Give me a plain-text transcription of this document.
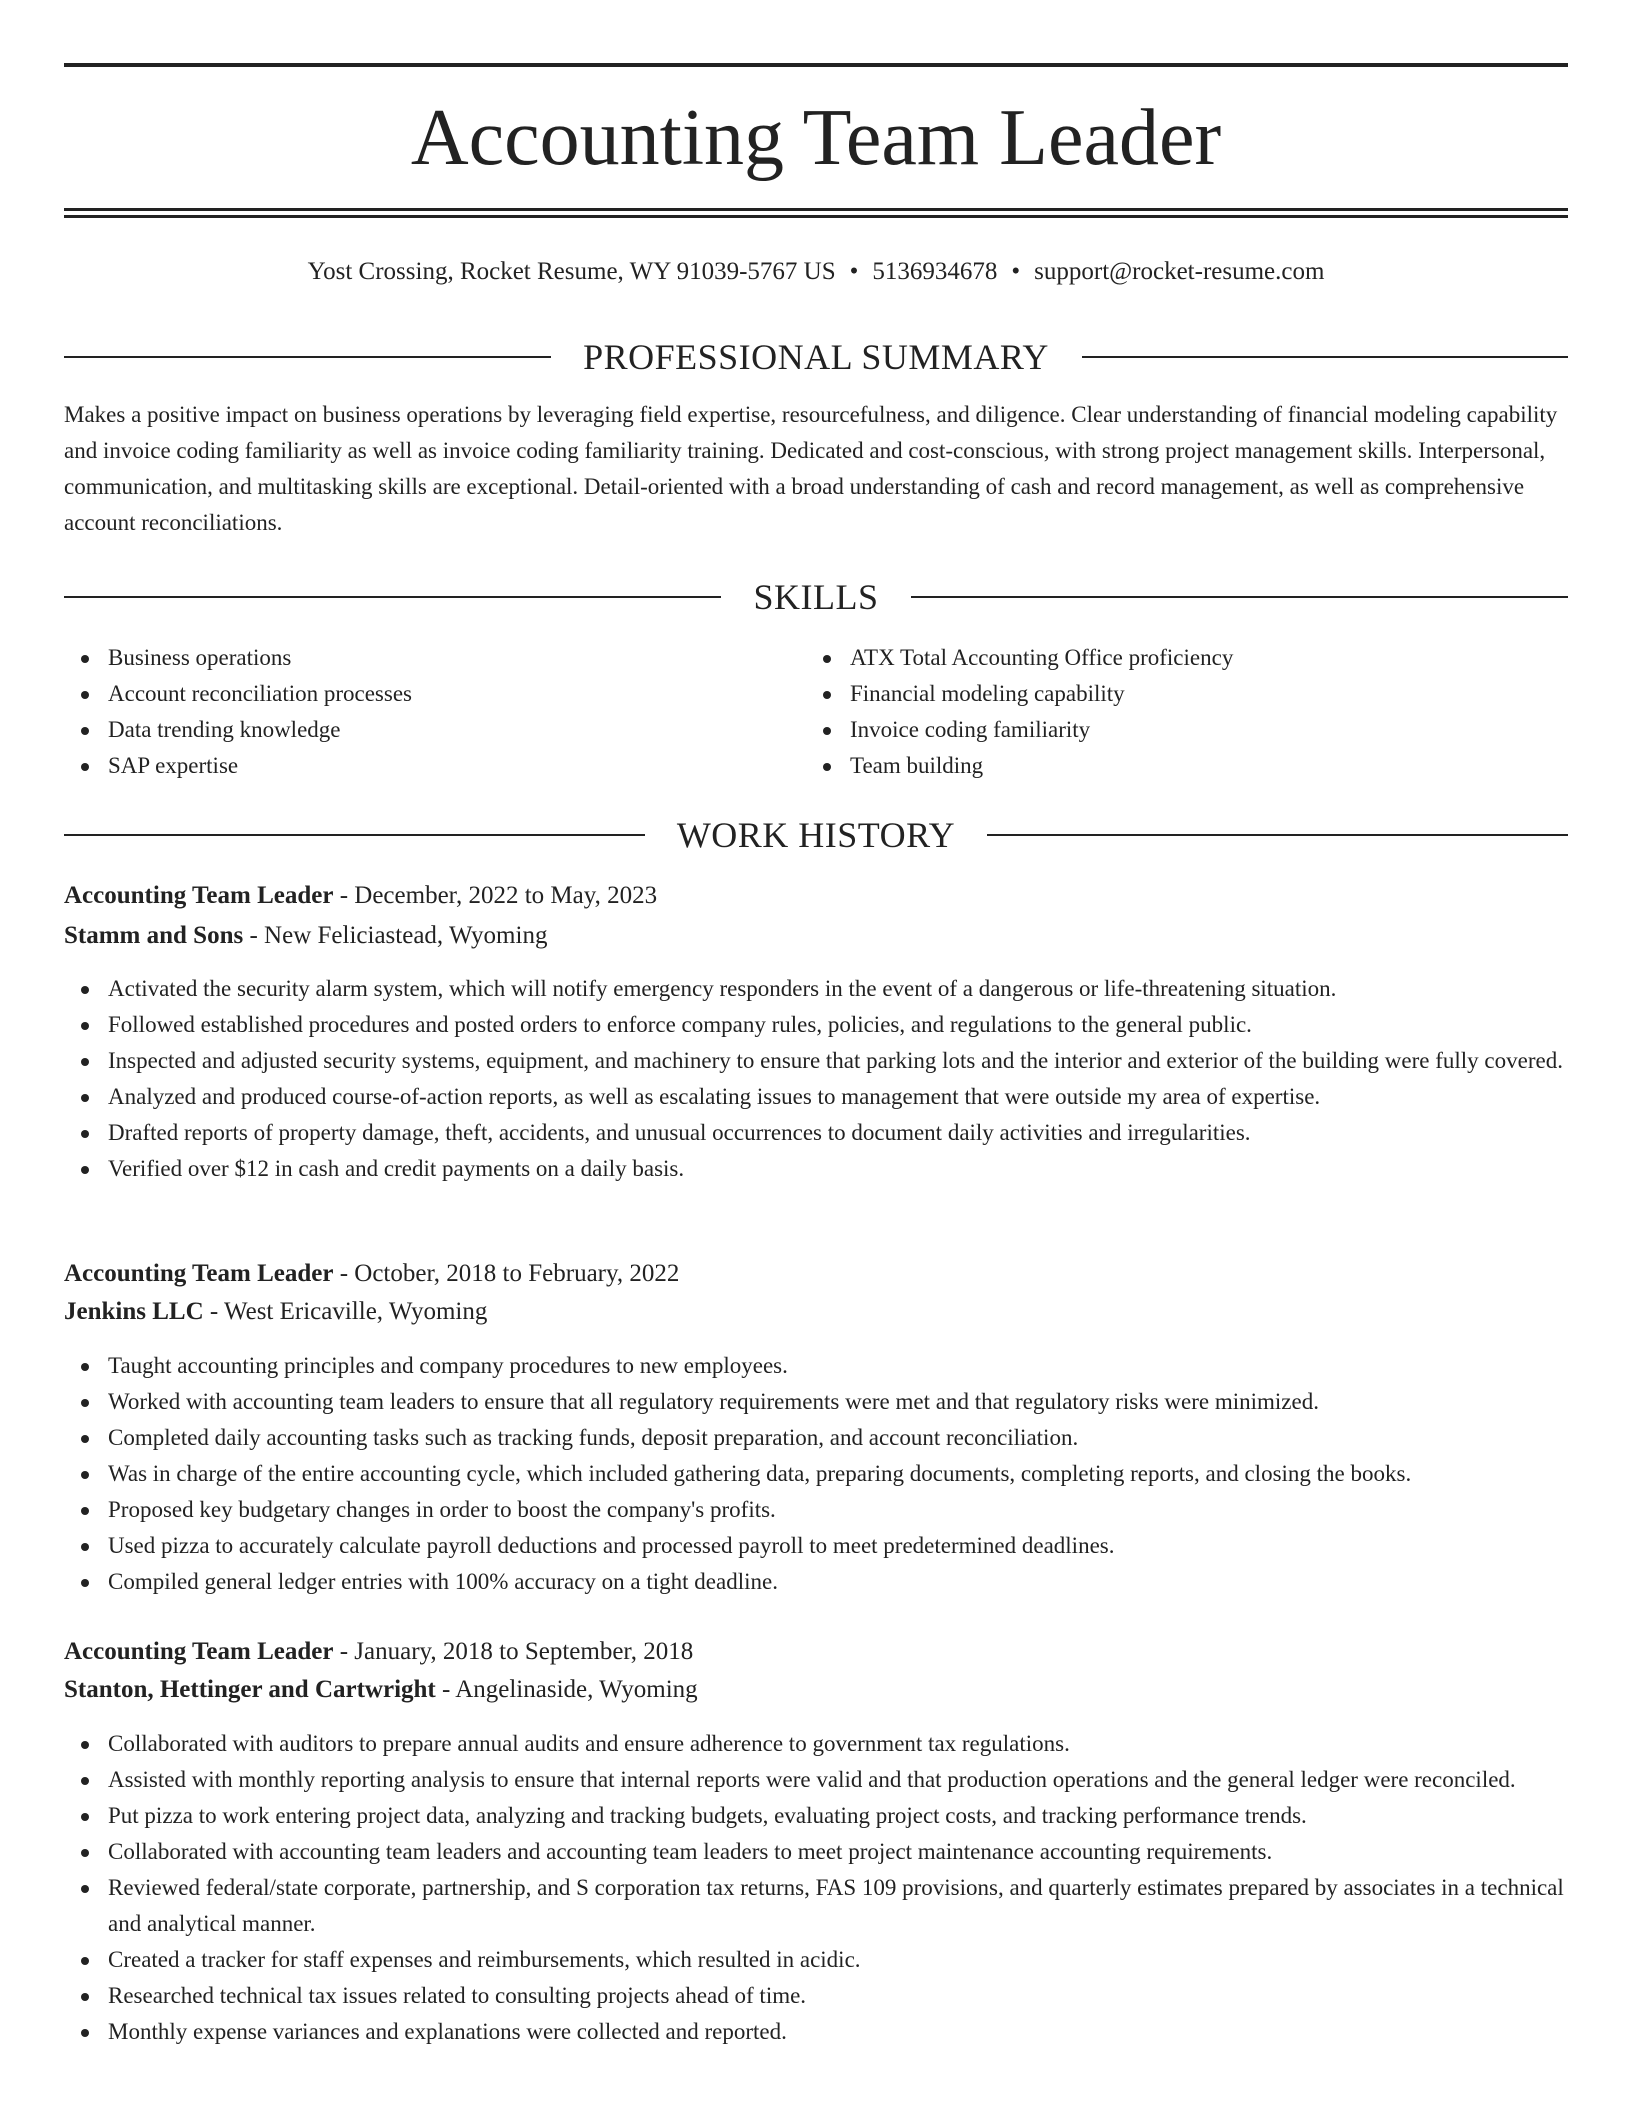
Accounting Team Leader
Yost Crossing, Rocket Resume, WY 91039-5767 US • 5136934678 • support@rocket-resume.com
PROFESSIONAL SUMMARY
Makes a positive impact on business operations by leveraging field expertise, resourcefulness, and diligence. Clear understanding of financial modeling capability and invoice coding familiarity as well as invoice coding familiarity training. Dedicated and cost-conscious, with strong project management skills. Interpersonal, communication, and multitasking skills are exceptional. Detail-oriented with a broad understanding of cash and record management, as well as comprehensive account reconciliations.
SKILLS
Business operations
Account reconciliation processes
Data trending knowledge
SAP expertise
ATX Total Accounting Office proficiency
Financial modeling capability
Invoice coding familiarity
Team building
WORK HISTORY
Accounting Team Leader - December, 2022 to May, 2023
Stamm and Sons - New Feliciastead, Wyoming
Activated the security alarm system, which will notify emergency responders in the event of a dangerous or life-threatening situation.
Followed established procedures and posted orders to enforce company rules, policies, and regulations to the general public.
Inspected and adjusted security systems, equipment, and machinery to ensure that parking lots and the interior and exterior of the building were fully covered.
Analyzed and produced course-of-action reports, as well as escalating issues to management that were outside my area of expertise.
Drafted reports of property damage, theft, accidents, and unusual occurrences to document daily activities and irregularities.
Verified over $12 in cash and credit payments on a daily basis.
Accounting Team Leader - October, 2018 to February, 2022
Jenkins LLC - West Ericaville, Wyoming
Taught accounting principles and company procedures to new employees.
Worked with accounting team leaders to ensure that all regulatory requirements were met and that regulatory risks were minimized.
Completed daily accounting tasks such as tracking funds, deposit preparation, and account reconciliation.
Was in charge of the entire accounting cycle, which included gathering data, preparing documents, completing reports, and closing the books.
Proposed key budgetary changes in order to boost the company's profits.
Used pizza to accurately calculate payroll deductions and processed payroll to meet predetermined deadlines.
Compiled general ledger entries with 100% accuracy on a tight deadline.
Accounting Team Leader - January, 2018 to September, 2018
Stanton, Hettinger and Cartwright - Angelinaside, Wyoming
Collaborated with auditors to prepare annual audits and ensure adherence to government tax regulations.
Assisted with monthly reporting analysis to ensure that internal reports were valid and that production operations and the general ledger were reconciled.
Put pizza to work entering project data, analyzing and tracking budgets, evaluating project costs, and tracking performance trends.
Collaborated with accounting team leaders and accounting team leaders to meet project maintenance accounting requirements.
Reviewed federal/state corporate, partnership, and S corporation tax returns, FAS 109 provisions, and quarterly estimates prepared by associates in a technical and analytical manner.
Created a tracker for staff expenses and reimbursements, which resulted in acidic.
Researched technical tax issues related to consulting projects ahead of time.
Monthly expense variances and explanations were collected and reported.
